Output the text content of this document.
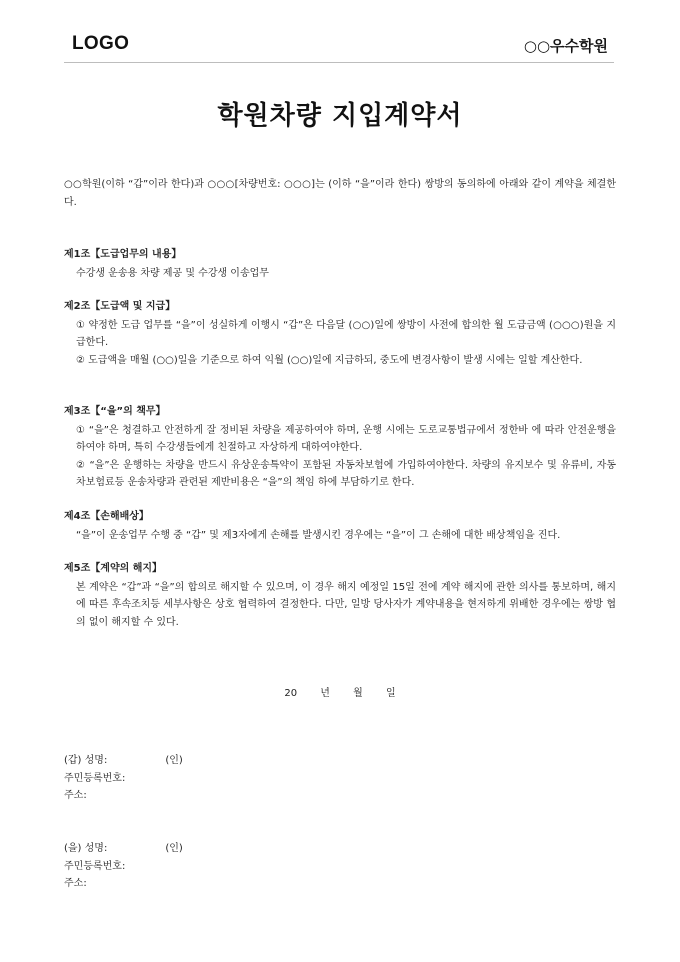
LOGO	○○우수학원
학원차량 지입계약서
○○학원(이하 “갑”이라 한다)과 ○○○[차량번호: ○○○]는 (이하 “을”이라 한다) 쌍방의 동의하에 아래와 같이 계약을 체결한다.
제1조【도급업무의 내용】
수강생 운송용 차량 제공 및 수강생 이송업무
제2조【도급액 및 지급】
① 약정한 도급 업무를 “을”이 성실하게 이행시 “갑”은 다음달 (○○)일에 쌍방이 사전에 합의한 월 도급금액 (○○○)원을 지급한다.
② 도급액을 매월 (○○)일을 기준으로 하여 익월 (○○)일에 지급하되, 중도에 변경사항이 발생 시에는 일할 계산한다.
제3조【“을”의 책무】
① “을”은 청결하고 안전하게 잘 정비된 차량을 제공하여야 하며, 운행 시에는 도로교통법규에서 정한바 에 따라 안전운행을 하여야 하며, 특히 수강생들에게 친절하고 자상하게 대하여야한다.
② “을”은 운행하는 차량을 반드시 유상운송특약이 포함된 자동차보험에 가입하여야한다. 차량의 유지보수 및 유류비, 자동차보험료등 운송차량과 관련된 제반비용은 “을”의 책임 하에 부담하기로 한다.
제4조【손해배상】
“을”이 운송업무 수행 중 “갑” 및 제3자에게 손해를 발생시킨 경우에는 “을”이 그 손해에 대한 배상책임을 진다.
제5조【계약의 해지】
본 계약은 “갑”과 “을”의 합의로 해지할 수 있으며, 이 경우 해지 예정일 15일 전에 계약 해지에 관한 의사를 통보하며, 해지에 따른 후속조치등 세부사항은 상호 협력하여 결정한다. 다만, 일방 당사자가 계약내용을 현저하게 위배한 경우에는 쌍방 협의 없이 해지할 수 있다.
20 년 월 일
(갑) 성명:	(인)
주민등록번호:
주소:
(을) 성명:	(인)
주민등록번호:
주소:
